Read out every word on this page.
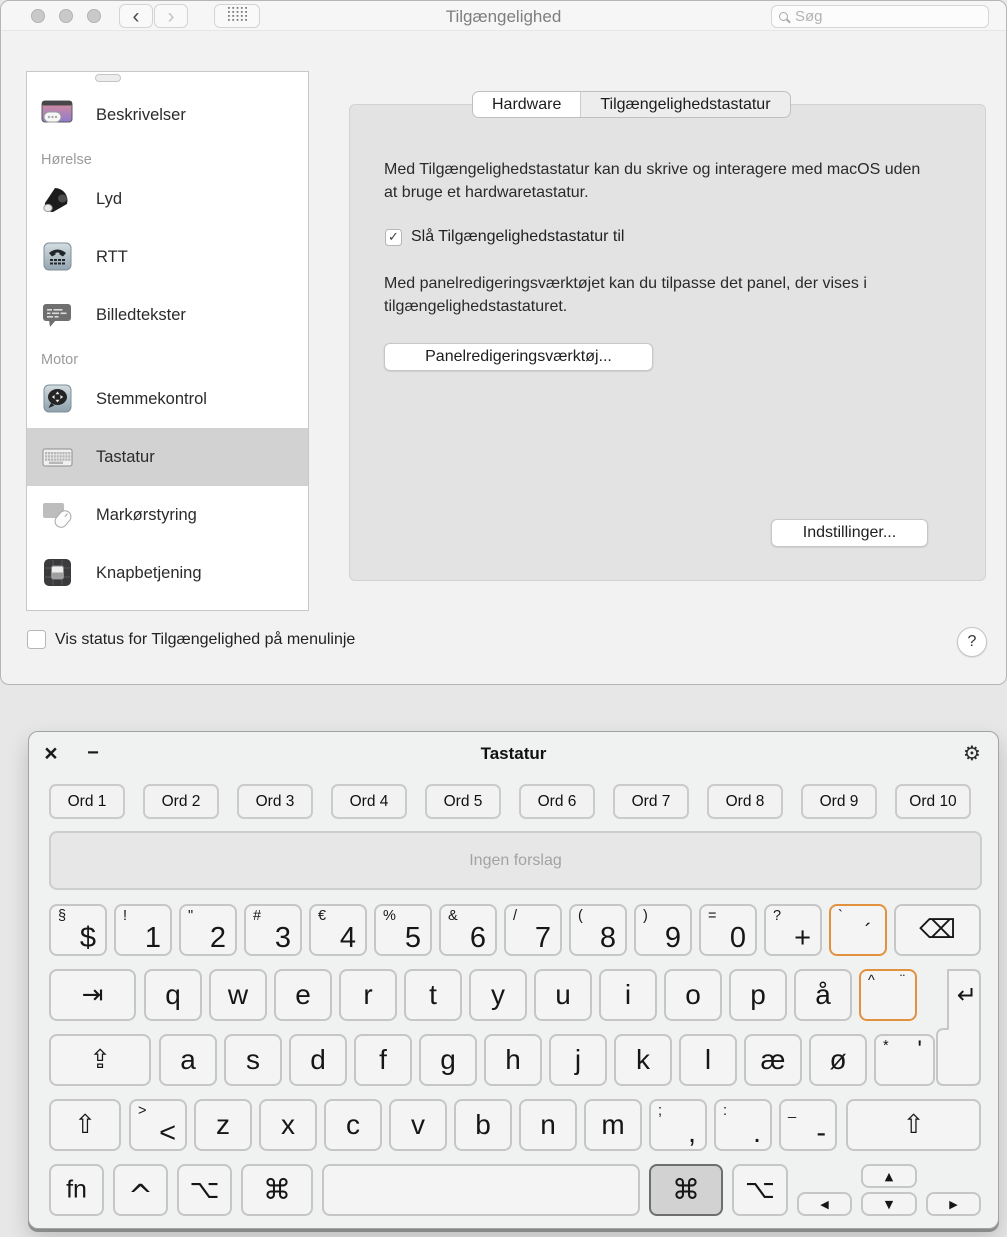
‹ ›	Tilgængelighed
Søg
Beskrivelser
Hørelse
Lyd
RTT
Billedtekster
Motor
Stemmekontrol
Tastatur
Markørstyring
Knapbetjening
Hardware	Tilgængelighedstastatur
Med Tilgængelighedstastatur kan du skrive og interagere med macOS uden at bruge et hardwaretastatur.
✓ Slå Tilgængelighedstastatur til
Med panelredigeringsværktøjet kan du tilpasse det panel, der vises i tilgængelighedstastaturet.
Panelredigeringsværktøj...
Indstillinger...
Vis status for Tilgængelighed på menulinje	?
×	−	Tastatur	⚙
Ingen forslag
↵
§
$
!
1
"
2
#
3
€
4
%
5
&
6
/
7
(
8
)
9
=
0
?
+
`
´	⌫
⇥	q	w	e	r	t	y	u	i	o	p	å	^ ¨
⇪	a	s	d	f	g	h	j	k	l	æ	ø	* '
⇧	>
<	z	x	c	v	b	n	m	;
,
:
.
_
-	⇧
fn	^	⌥	⌘	⌘	⌥	◀
▲
▼	▶
Ord 1	Ord 2	Ord 3	Ord 4	Ord 5	Ord 6	Ord 7	Ord 8	Ord 9	Ord 10
